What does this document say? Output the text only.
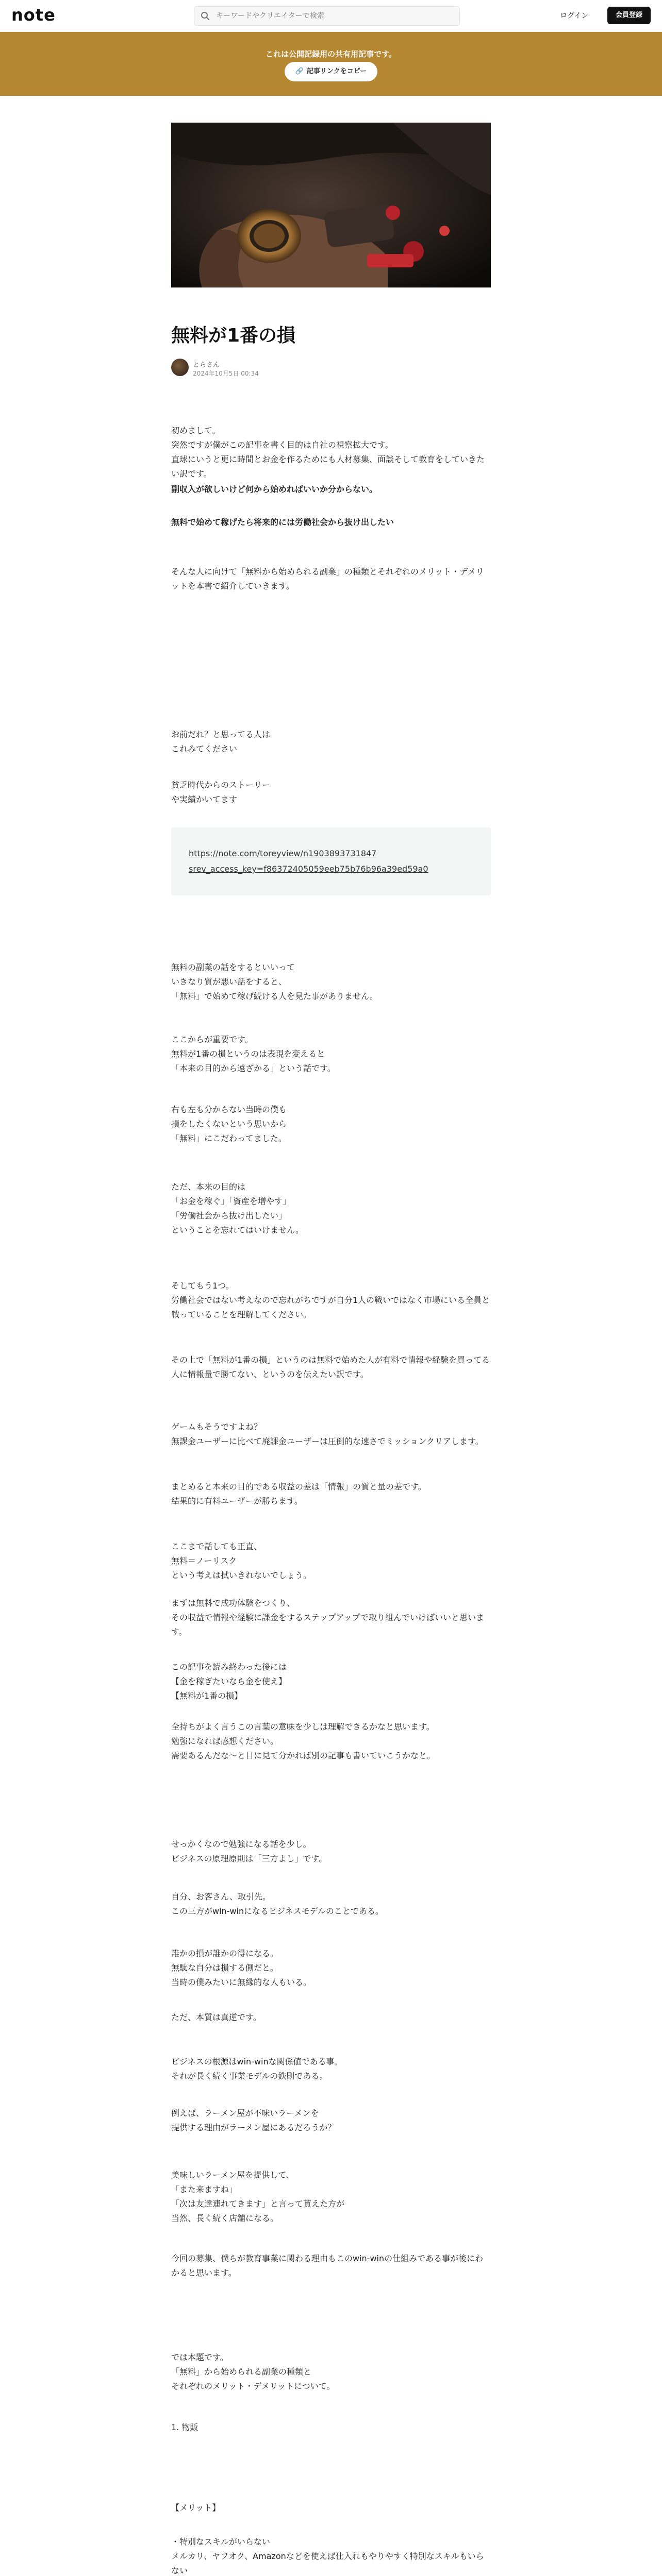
note
キーワードやクリエイターで検索	ログイン	会員登録
これは公開記録用の共有用記事です。
🔗 記事リンクをコピー
無料が1番の損
とらさん
2024年10月5日 00:34
初めまして。
突然ですが僕がこの記事を書く目的は自社の視察拡大です。
直球にいうと更に時間とお金を作るためにも人材募集、面談そして教育をしていきたい訳です。
副収入が欲しいけど何から始めればいいか分からない。
無料で始めて稼げたら将来的には労働社会から抜け出したい
そんな人に向けて「無料から始められる副業」の種類とそれぞれのメリット・デメリットを本書で紹介していきます。
お前だれ？と思ってる人は
これみてください
貧乏時代からのストーリー
や実績かいてます
無料の副業の話をするといいって
いきなり質が悪い話をすると、
「無料」で始めて稼げ続ける人を見た事がありません。
ここからが重要です。
無料が1番の損というのは表現を変えると
「本来の目的から遠ざかる」という話です。
右も左も分からない当時の僕も
損をしたくないという思いから
「無料」にこだわってました。
ただ、本来の目的は
「お金を稼ぐ」「資産を増やす」
「労働社会から抜け出したい」
ということを忘れてはいけません。
そしてもう1つ。
労働社会ではない考えなので忘れがちですが自分1人の戦いではなく市場にいる全員と戦っていることを理解してください。
その上で「無料が1番の損」というのは無料で始めた人が有料で情報や経験を買ってる人に情報量で勝てない、というのを伝えたい訳です。
ゲームもそうですよね？
無課金ユーザーに比べて廃課金ユーザーは圧倒的な速さでミッションクリアします。
まとめると本来の目的である収益の差は「情報」の質と量の差です。
結果的に有料ユーザーが勝ちます。
ここまで話しても正直、
無料＝ノーリスク
という考えは拭いきれないでしょう。
まずは無料で成功体験をつくり、
その収益で情報や経験に課金をするステップアップで取り組んでいけばいいと思います。
この記事を読み終わった後には
【金を稼ぎたいなら金を使え】
【無料が1番の損】
全持ちがよく言うこの言葉の意味を少しは理解できるかなと思います。
勉強になれば感想ください。
需要あるんだな〜と目に見て分かれば別の記事も書いていこうかなと。
せっかくなので勉強になる話を少し。
ビジネスの原理原則は「三方よし」です。
自分、お客さん、取引先。
この三方がwin-winになるビジネスモデルのことである。
誰かの損が誰かの得になる。
無駄な自分は損する側だと。
当時の僕みたいに無縁的な人もいる。
ただ、本質は真逆です。
ビジネスの根源はwin-winな関係値である事。
それが長く続く事業モデルの鉄則である。
例えば、ラーメン屋が不味いラーメンを
提供する理由がラーメン屋にあるだろうか？
美味しいラーメン屋を提供して、
「また来ますね」
「次は友達連れてきます」と言って貰えた方が
当然、長く続く店舗になる。
今回の募集、僕らが教育事業に関わる理由もこのwin-winの仕組みである事が後にわかると思います。
では本題です。
「無料」から始められる副業の種類と
それぞれのメリット・デメリットについて。
1. 物販
【メリット】
・特別なスキルがいらない
メルカリ、ヤフオク、Amazonなどを使えば仕入れもやりやすく特別なスキルもいらない
https://note.com/toreyview/n1903893731847
srev_access_key=f86372405059eeb75b76b96a39ed59a0
